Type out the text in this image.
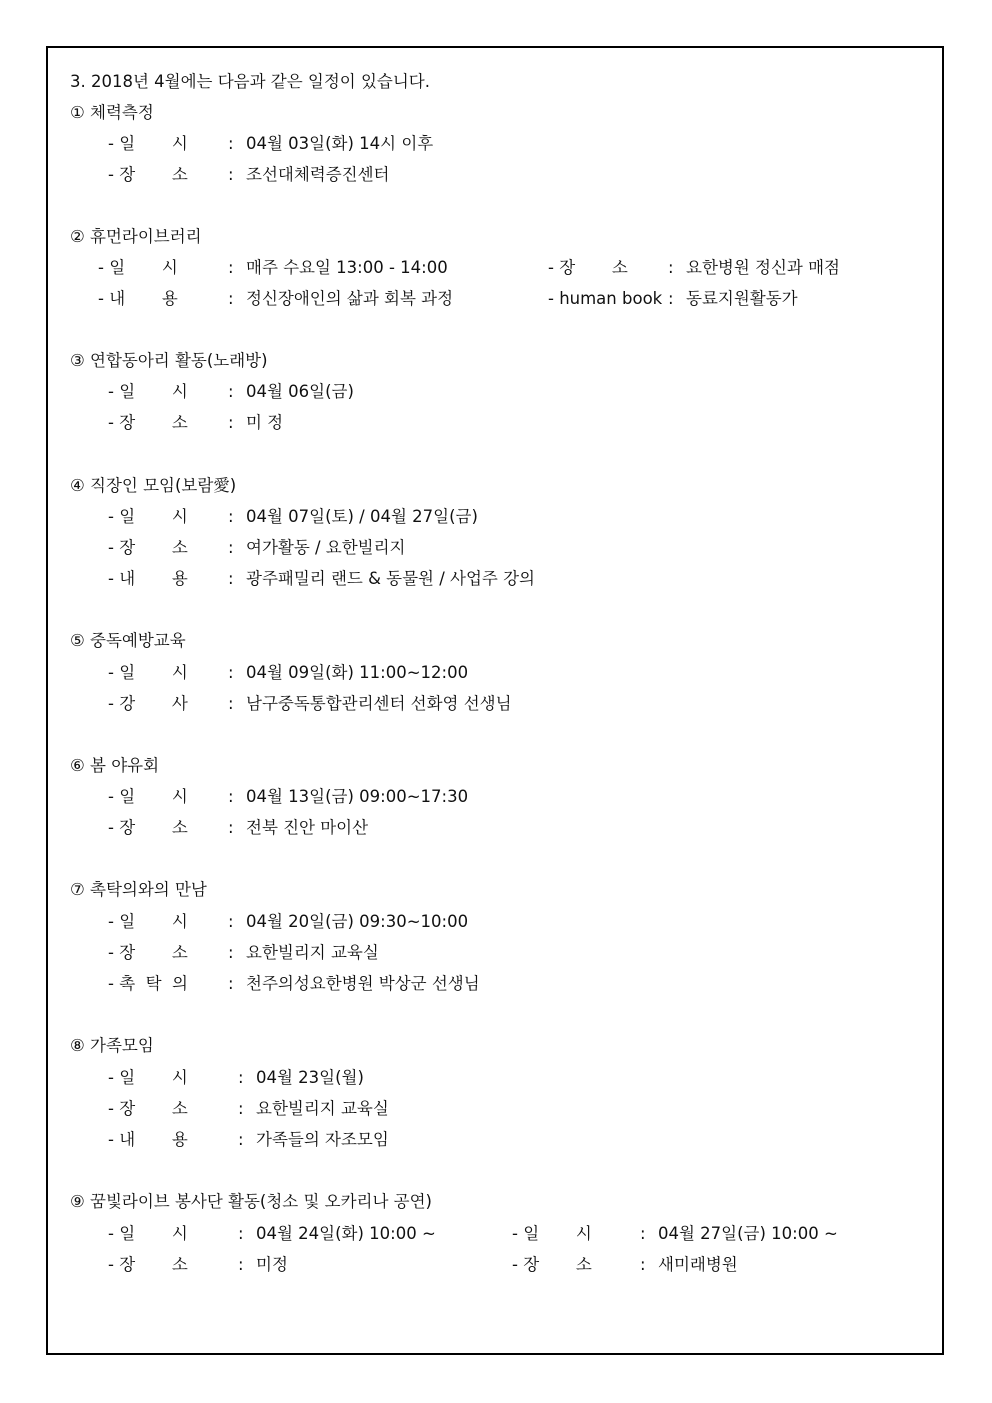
3. 2018년 4월에는 다음과 같은 일정이 있습니다.
① 체력측정
- 일       시 : 04월 03일(화) 14시 이후
- 장       소 : 조선대체력증진센터
② 휴먼라이브러리
- 일       시	: 매주 수요일 13:00 - 14:00	- 장       소 : 요한병원 정신과 매점
- 내       용	: 정신장애인의 삶과 회복 과정	- human book : 동료지원활동가
③ 연합동아리 활동(노래방)
- 일       시 : 04월 06일(금)
- 장       소 : 미 정
④ 직장인 모임(보람愛)
- 일       시 : 04월 07일(토) / 04월 27일(금)
- 장       소 : 여가활동 / 요한빌리지
- 내       용 : 광주패밀리 랜드 & 동물원 / 사업주 강의
⑤ 중독예방교육
- 일       시 : 04월 09일(화) 11:00~12:00
- 강       사 : 남구중독통합관리센터 선화영 선생님
⑥ 봄 야유회
- 일       시 : 04월 13일(금) 09:00~17:30
- 장       소 : 전북 진안 마이산
⑦ 촉탁의와의 만남
- 일       시 : 04월 20일(금) 09:30~10:00
- 장       소 : 요한빌리지 교육실
- 촉  탁  의 : 천주의성요한병원 박상군 선생님
⑧ 가족모임
- 일       시	: 04월 23일(월)
- 장       소	: 요한빌리지 교육실
- 내       용	: 가족들의 자조모임
⑨ 꿈빛라이브 봉사단 활동(청소 및 오카리나 공연)
- 일       시	: 04월 24일(화) 10:00 ~	- 일       시	: 04월 27일(금) 10:00 ~
- 장       소	: 미정	- 장       소	: 새미래병원
